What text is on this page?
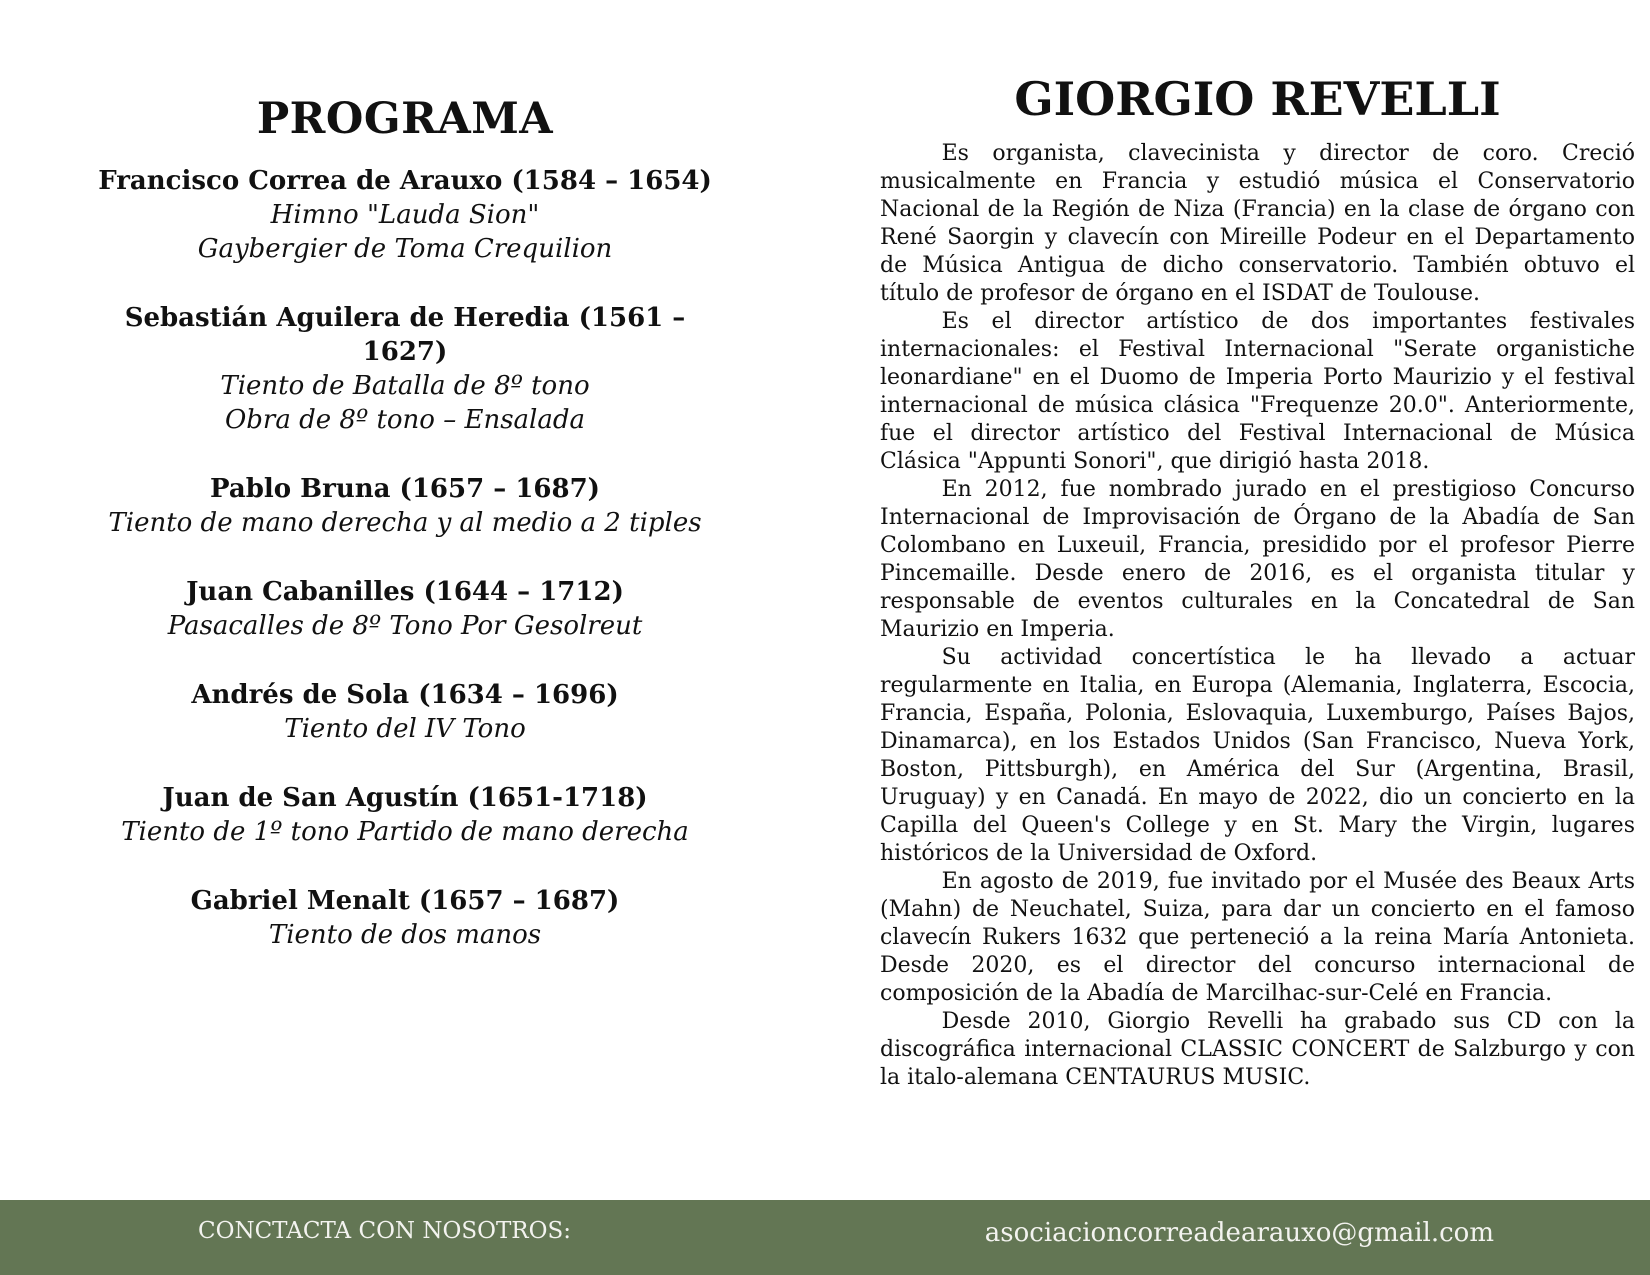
PROGRAMA
Francisco Correa de Arauxo (1584 – 1654)
Himno "Lauda Sion"
Gaybergier de Toma Crequilion
Sebastián Aguilera de Heredia (1561 – 1627)
Tiento de Batalla de 8º tono
Obra de 8º tono – Ensalada
Pablo Bruna (1657 – 1687)
Tiento de mano derecha y al medio a 2 tiples
Juan Cabanilles (1644 – 1712)
Pasacalles de 8º Tono Por Gesolreut
Andrés de Sola (1634 – 1696)
Tiento del IV Tono
Juan de San Agustín (1651-1718)
Tiento de 1º tono Partido de mano derecha
Gabriel Menalt (1657 – 1687)
Tiento de dos manos
GIORGIO REVELLI

Es organista, clavecinista y director de coro. Creció musicalmente en Francia y estudió música el Conservatorio Nacional de la Región de Niza (Francia) en la clase de órgano con René Saorgin y clavecín con Mireille Podeur en el Departamento de Música Antigua de dicho conservatorio. También obtuvo el título de profesor de órgano en el ISDAT de Toulouse.

Es el director artístico de dos importantes festivales internacionales: el Festival Internacional "Serate organistiche leonardiane" en el Duomo de Imperia Porto Maurizio y el festival internacional de música clásica "Frequenze 20.0". Anteriormente, fue el director artístico del Festival Internacional de Música Clásica "Appunti Sonori", que dirigió hasta 2018.

En 2012, fue nombrado jurado en el prestigioso Concurso Internacional de Improvisación de Órgano de la Abadía de San Colombano en Luxeuil, Francia, presidido por el profesor Pierre Pincemaille. Desde enero de 2016, es el organista titular y responsable de eventos culturales en la Concatedral de San Maurizio en Imperia.

Su actividad concertística le ha llevado a actuar regularmente en Italia, en Europa (Alemania, Inglaterra, Escocia, Francia, España, Polonia, Eslovaquia, Luxemburgo, Países Bajos, Dinamarca), en los Estados Unidos (San Francisco, Nueva York, Boston, Pittsburgh), en América del Sur (Argentina, Brasil, Uruguay) y en Canadá. En mayo de 2022, dio un concierto en la Capilla del Queen's College y en St. Mary the Virgin, lugares históricos de la Universidad de Oxford.

En agosto de 2019, fue invitado por el Musée des Beaux Arts (Mahn) de Neuchatel, Suiza, para dar un concierto en el famoso clavecín Rukers 1632 que perteneció a la reina María Antonieta. Desde 2020, es el director del concurso internacional de composición de la Abadía de Marcilhac-sur-Celé en Francia.

Desde 2010, Giorgio Revelli ha grabado sus CD con la discográfica internacional CLASSIC CONCERT de Salzburgo y con la italo-alemana CENTAURUS MUSIC.

CONCTACTA CON NOSOTROS:	asociacioncorreadearauxo@gmail.com
